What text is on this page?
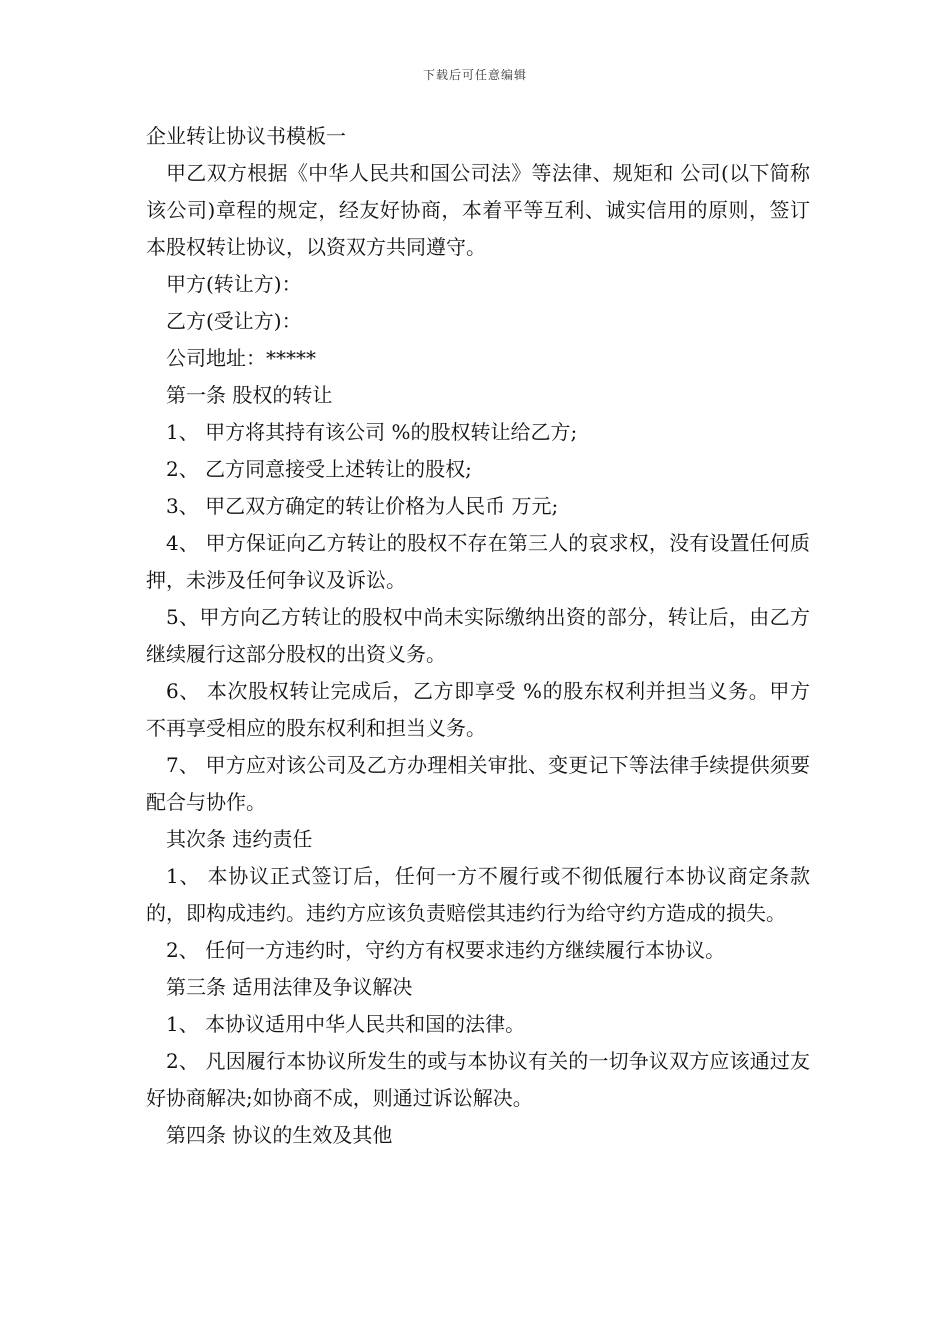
下载后可任意编辑

企业转让协议书模板一

甲乙双方根据《中华人民共和国公司法》等法律、规矩和 公司(以下简称该公司)章程的规定，经友好协商，本着平等互利、诚实信用的原则，签订本股权转让协议，以资双方共同遵守。

甲方(转让方)：

乙方(受让方)：

公司地址：*****

第一条 股权的转让

1、 甲方将其持有该公司 %的股权转让给乙方;

2、 乙方同意接受上述转让的股权;

3、 甲乙双方确定的转让价格为人民币 万元;

4、 甲方保证向乙方转让的股权不存在第三人的哀求权，没有设置任何质押，未涉及任何争议及诉讼。

5、甲方向乙方转让的股权中尚未实际缴纳出资的部分，转让后，由乙方继续履行这部分股权的出资义务。

6、 本次股权转让完成后，乙方即享受 %的股东权利并担当义务。甲方不再享受相应的股东权利和担当义务。

7、 甲方应对该公司及乙方办理相关审批、变更记下等法律手续提供须要配合与协作。

其次条 违约责任

1、 本协议正式签订后，任何一方不履行或不彻低履行本协议商定条款的，即构成违约。违约方应该负责赔偿其违约行为给守约方造成的损失。

2、 任何一方违约时，守约方有权要求违约方继续履行本协议。

第三条 适用法律及争议解决

1、 本协议适用中华人民共和国的法律。

2、 凡因履行本协议所发生的或与本协议有关的一切争议双方应该通过友好协商解决;如协商不成，则通过诉讼解决。

第四条 协议的生效及其他
